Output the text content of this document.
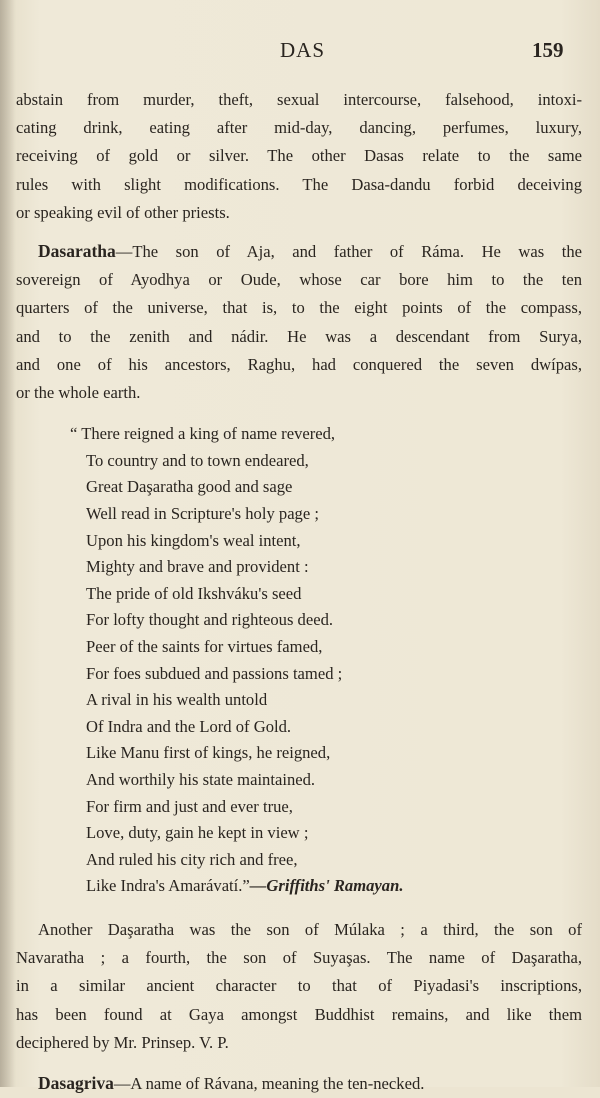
DAS	159
abstain from murder, theft, sexual intercourse, falsehood, intoxi-
cating drink, eating after mid-day, dancing, perfumes, luxury,
receiving of gold or silver. The other Dasas relate to the same
rules with slight modifications. The Dasa-dandu forbid deceiving
or speaking evil of other priests.
Dasaratha—The son of Aja, and father of Ráma. He was the
sovereign of Ayodhya or Oude, whose car bore him to the ten
quarters of the universe, that is, to the eight points of the compass,
and to the zenith and nádir. He was a descendant from Surya,
and one of his ancestors, Raghu, had conquered the seven dwípas,
or the whole earth.
“ There reigned a king of name revered,
To country and to town endeared,
Great Daşaratha good and sage
Well read in Scripture's holy page ;
Upon his kingdom's weal intent,
Mighty and brave and provident :
The pride of old Ikshváku's seed
For lofty thought and righteous deed.
Peer of the saints for virtues famed,
For foes subdued and passions tamed ;
A rival in his wealth untold
Of Indra and the Lord of Gold.
Like Manu first of kings, he reigned,
And worthily his state maintained.
For firm and just and ever true,
Love, duty, gain he kept in view ;
And ruled his city rich and free,
Like Indra's Amarávatí.”—Griffiths' Ramayan.
Another Daşaratha was the son of Múlaka ; a third, the son of
Navaratha ; a fourth, the son of Suyaşas. The name of Daşaratha,
in a similar ancient character to that of Piyadasi's inscriptions,
has been found at Gaya amongst Buddhist remains, and like them
deciphered by Mr. Prinsep. V. P.
Dasagriva—A name of Rávana, meaning the ten-necked.
